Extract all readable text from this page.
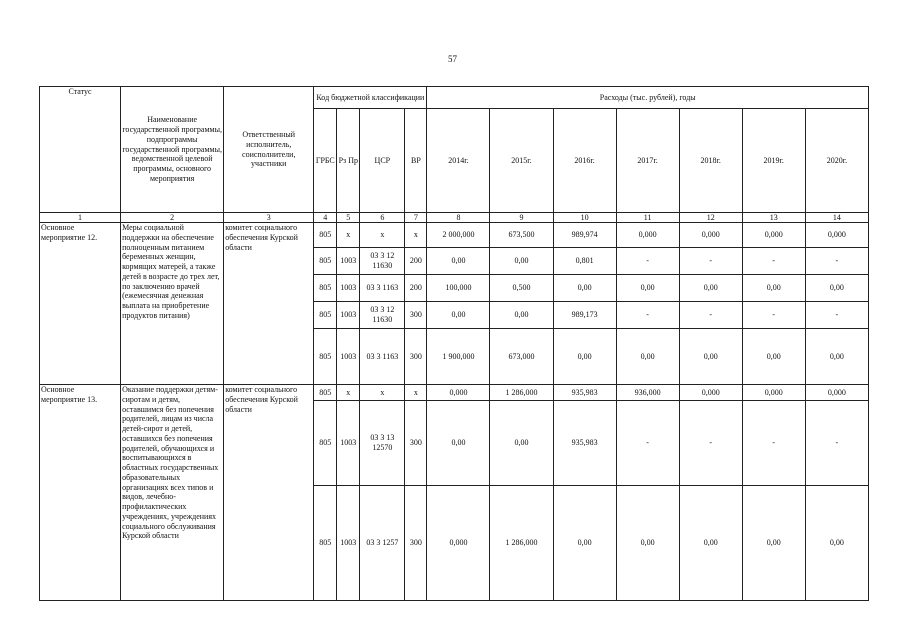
57
Статус	Наименование государственной программы, подпрограммы государственной программы, ведомственной целевой программы, основного мероприятия	Ответственный исполнитель, соисполнители, участники	Код бюджетной классификации				Расходы (тыс. рублей), годы						
			ГРБС	Рз Пр	ЦСР	ВР	2014г.	2015г.	2016г.	2017г.	2018г.	2019г.	2020г.
1	2	3	4	5	6	7	8	9	10	11	12	13	14
Основное мероприятие 12.	Меры социальной поддержки на обеспечение полноценным питанием беременных женщин, кормящих матерей, а также детей в возрасте до трех лет, по заключению врачей (ежемесячная денежная выплата на приобретение продуктов питания)	комитет социального обеспечения Курской области	805	x	x	x	2 000,000	673,500	989,974	0,000	0,000	0,000	0,000
			805	1003	03 3 12 11630	200	0,00	0,00	0,801	-	-	-	-
			805	1003	03 3 1163	200	100,000	0,500	0,00	0,00	0,00	0,00	0,00
			805	1003	03 3 12 11630	300	0,00	0,00	989,173	-	-	-	-
			805	1003	03 3 1163	300	1 900,000	673,000	0,00	0,00	0,00	0,00	0,00
Основное мероприятие 13.	Оказание поддержки детям-сиротам и детям, оставшимся без попечения родителей, лицам из числа детей-сирот и детей, оставшихся без попечения родителей, обучающихся и воспитывающихся в областных государственных образовательных организациях всех типов и видов, лечебно-профилактических учреждениях, учреждениях социального обслуживания Курской области	комитет социального обеспечения Курской области	805	x	x	x	0,000	1 286,000	935,983	936,000	0,000	0,000	0,000
			805	1003	03 3 13 12570	300	0,00	0,00	935,983	-	-	-	-
			805	1003	03 3 1257	300	0,000	1 286,000	0,00	0,00	0,00	0,00	0,00
